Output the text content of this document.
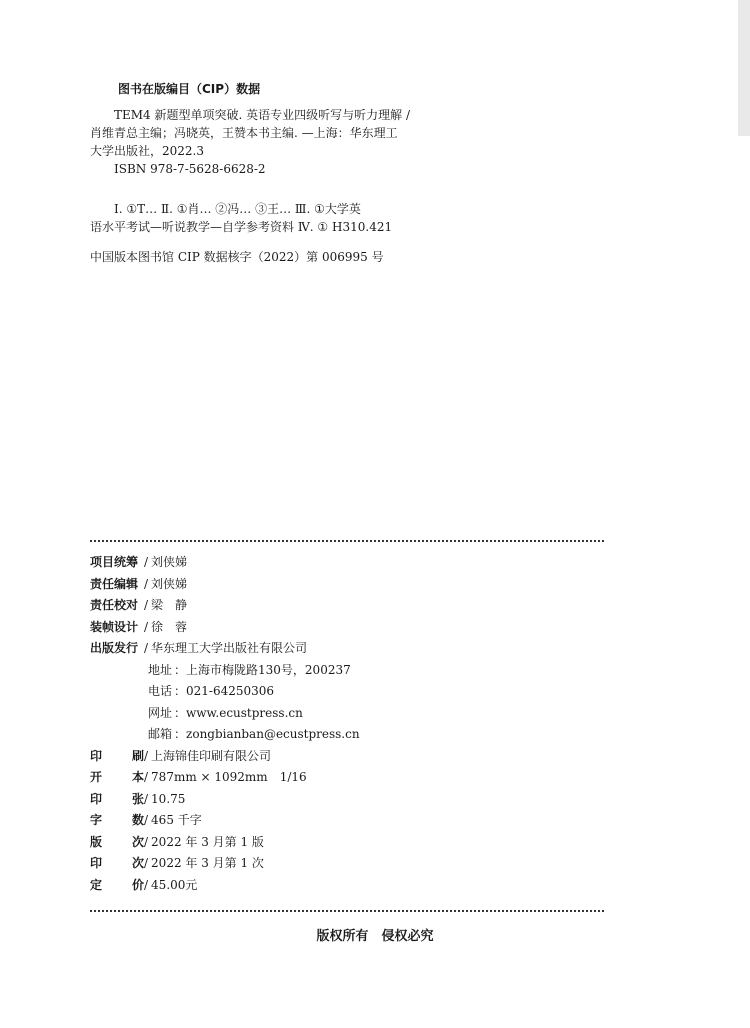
图书在版编目（CIP）数据

TEM4 新题型单项突破. 英语专业四级听写与听力理解 /

肖维青总主编；冯晓英，王赞本书主编. —上海：华东理工

大学出版社，2022.3

ISBN 978-7-5628-6628-2

Ⅰ. ①T… Ⅱ. ①肖… ②冯… ③王… Ⅲ. ①大学英

语水平考试—听说教学—自学参考资料 Ⅳ. ① H310.421

中国版本图书馆 CIP 数据核字（2022）第 006995 号

项目统筹 / 刘侠娣
责任编辑 / 刘侠娣
责任校对 / 梁　静
装帧设计 / 徐　蓉
出版发行 / 华东理工大学出版社有限公司
地 址 ： 上海市梅陇路130号，200237
电 话 ： 021-64250306
网 址 ： www.ecustpress.cn
邮 箱 ： zongbianban@ecustpress.cn
印 刷 / 上海锦佳印刷有限公司
开 本 / 787mm × 1092mm　1/16
印 张 / 10.75
字 数 / 465 千字
版 次 / 2022 年 3 月第 1 版
印 次 / 2022 年 3 月第 1 次
定 价 / 45.00元
版权所有　侵权必究
